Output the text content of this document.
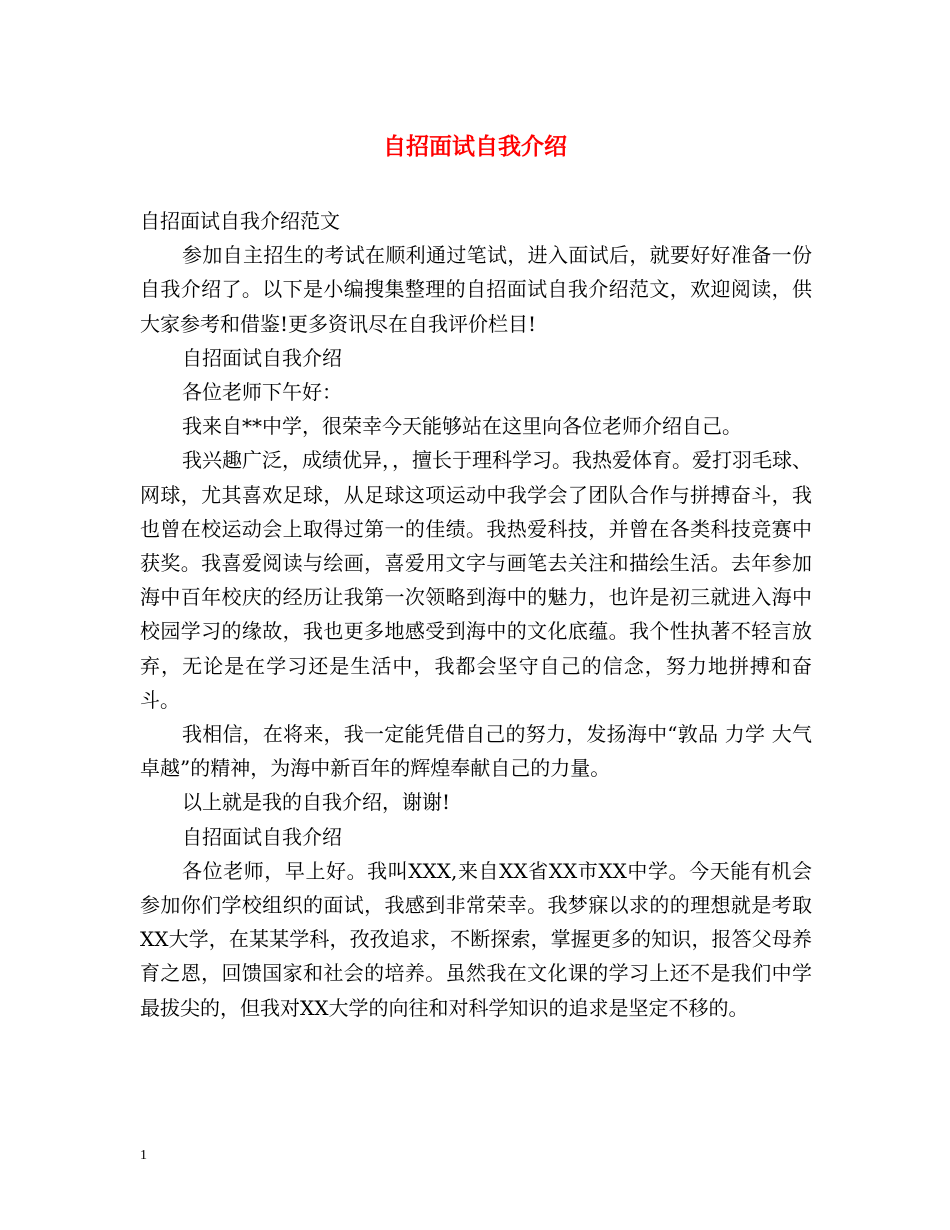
自招面试自我介绍

自招面试自我介绍范文

参加自主招生的考试在顺利通过笔试，进入面试后，就要好好准备一份自我介绍了。以下是小编搜集整理的自招面试自我介绍范文，欢迎阅读，供大家参考和借鉴!更多资讯尽在自我评价栏目!

自招面试自我介绍

各位老师下午好：

我来自**中学，很荣幸今天能够站在这里向各位老师介绍自己。

我兴趣广泛，成绩优异，，擅长于理科学习。我热爱体育。爱打羽毛球、网球，尤其喜欢足球，从足球这项运动中我学会了团队合作与拼搏奋斗，我也曾在校运动会上取得过第一的佳绩。我热爱科技，并曾在各类科技竞赛中获奖。我喜爱阅读与绘画，喜爱用文字与画笔去关注和描绘生活。去年参加海中百年校庆的经历让我第一次领略到海中的魅力，也许是初三就进入海中校园学习的缘故，我也更多地感受到海中的文化底蕴。我个性执著不轻言放弃，无论是在学习还是生活中，我都会坚守自己的信念，努力地拼搏和奋斗。

我相信，在将来，我一定能凭借自己的努力，发扬海中“敦品 力学 大气 卓越”的精神，为海中新百年的辉煌奉献自己的力量。

以上就是我的自我介绍，谢谢!

自招面试自我介绍

各位老师，早上好。我叫XXX,来自XX省XX市XX中学。今天能有机会参加你们学校组织的面试，我感到非常荣幸。我梦寐以求的的理想就是考取XX大学，在某某学科，孜孜追求，不断探索，掌握更多的知识，报答父母养育之恩，回馈国家和社会的培养。虽然我在文化课的学习上还不是我们中学最拔尖的，但我对XX大学的向往和对科学知识的追求是坚定不移的。

1
